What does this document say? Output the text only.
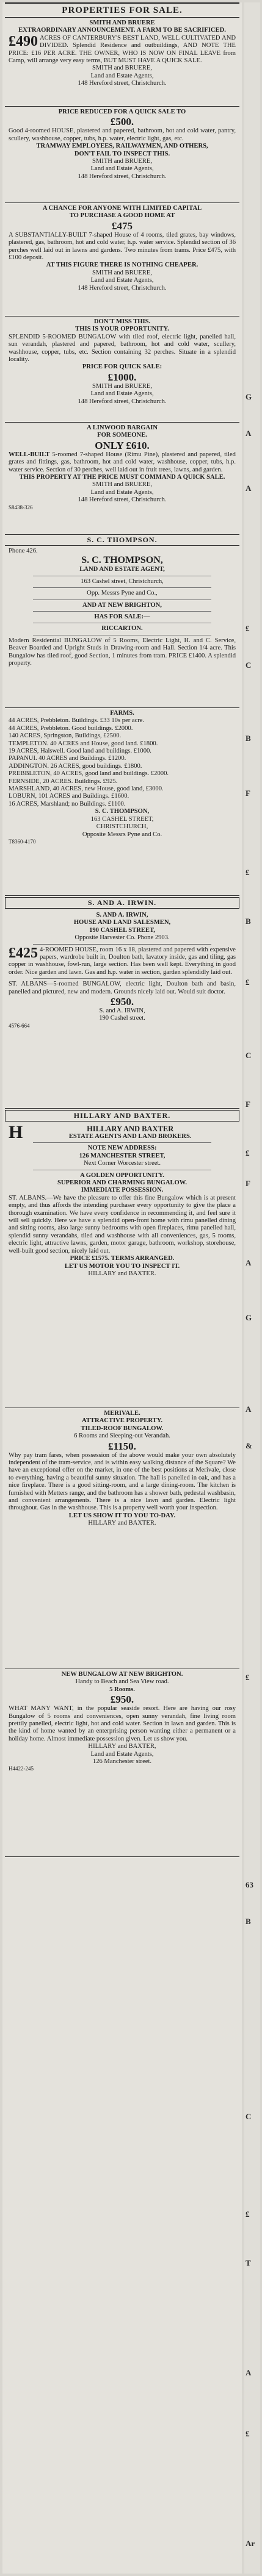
PROPERTIES FOR SALE.

SMITH AND BRUERE

EXTRAORDINARY ANNOUNCEMENT. A FARM TO BE SACRIFICED.

£490 ACRES OF CANTERBURY'S BEST LAND, WELL CULTIVATED AND DIVIDED. Splendid Residence and outbuildings, AND NOTE THE PRICE: £16 PER ACRE. THE OWNER, WHO IS NOW ON FINAL LEAVE from Camp, will arrange very easy terms, BUT MUST HAVE A QUICK SALE.

SMITH and BRUERE,

Land and Estate Agents,

148 Hereford street, Christchurch.

PRICE REDUCED FOR A QUICK SALE TO

£500.

Good 4-roomed HOUSE, plastered and papered, bathroom, hot and cold water, pantry, scullery, washhouse, copper, tubs, h.p. water, electric light, gas, etc.

TRAMWAY EMPLOYEES, RAILWAYMEN, AND OTHERS,

DON'T FAIL TO INSPECT THIS.

SMITH and BRUERE,

Land and Estate Agents,

148 Hereford street, Christchurch.

A CHANCE FOR ANYONE WITH LIMITED CAPITAL

TO PURCHASE A GOOD HOME AT

£475

A SUBSTANTIALLY-BUILT 7-shaped House of 4 rooms, tiled grates, bay windows, plastered, gas, bathroom, hot and cold water, h.p. water service. Splendid section of 36 perches well laid out in lawns and gardens. Two minutes from trams. Price £475, with £100 deposit.

AT THIS FIGURE THERE IS NOTHING CHEAPER.

SMITH and BRUERE,

Land and Estate Agents,

148 Hereford street, Christchurch.

DON'T MISS THIS.

THIS IS YOUR OPPORTUNITY.

SPLENDID 5-ROOMED BUNGALOW with tiled roof, electric light, panelled hall, sun verandah, plastered and papered, bathroom, hot and cold water, scullery, washhouse, copper, tubs, etc. Section containing 32 perches. Situate in a splendid locality.

PRICE FOR QUICK SALE:

£1000.

SMITH and BRUERE,

Land and Estate Agents,

148 Hereford street, Christchurch.

A LINWOOD BARGAIN

FOR SOMEONE.

ONLY £610.

WELL-BUILT 5-roomed 7-shaped House (Rimu Pine), plastered and papered, tiled grates and fittings, gas, bathroom, hot and cold water, washhouse, copper, tubs, h.p. water service. Section of 30 perches, well laid out in fruit trees, lawns, and garden.

THIS PROPERTY AT THE PRICE MUST COMMAND A QUICK SALE.

SMITH and BRUERE,

Land and Estate Agents,

148 Hereford street, Christchurch.

S8438-326

S. C. THOMPSON.

Phone 426.

S. C. THOMPSON,

LAND AND ESTATE AGENT,

163 Cashel street, Christchurch,

Opp. Messrs Pyne and Co.,

AND AT NEW BRIGHTON,

HAS FOR SALE:—

RICCARTON.

Modern Residential BUNGALOW of 5 Rooms, Electric Light, H. and C. Service, Beaver Boarded and Upright Studs in Drawing-room and Hall. Section 1/4 acre. This Bungalow has tiled roof, good Section, 1 minutes from tram. PRICE £1400. A splendid property.

FARMS.

44 ACRES, Prebbleton. Buildings. £33 10s per acre.

44 ACRES, Prebbleton. Good buildings. £2000.

140 ACRES, Springston, Buildings, £2500.

TEMPLETON. 40 ACRES and House, good land. £1800.

19 ACRES, Halswell. Good land and buildings. £1000.

PAPANUI. 40 ACRES and Buildings. £1200.

ADDINGTON. 26 ACRES, good buildings. £1800.

PREBBLETON, 40 ACRES, good land and buildings. £2000.

FERNSIDE, 20 ACRES. Buildings. £925.

MARSHLAND, 40 ACRES, new House, good land, £3000.

LOBURN, 101 ACRES and Buildings. £1600.

16 ACRES, Marshland; no Buildings. £1100.

S. C. THOMPSON,

163 CASHEL STREET,

CHRISTCHURCH,

Opposite Messrs Pyne and Co.

T8360-4170

S. AND A. IRWIN.

S. AND A. IRWIN,

HOUSE AND LAND SALESMEN,

190 CASHEL STREET,

Opposite Harvester Co. Phone 2903.

£425 4-ROOMED HOUSE, room 16 x 18, plastered and papered with expensive papers, wardrobe built in, Doulton bath, lavatory inside, gas and tiling, gas copper in washhouse, fowl-run, large section. Has been well kept. Everything in good order. Nice garden and lawn. Gas and h.p. water in section, garden splendidly laid out.

ST. ALBANS—5-roomed BUNGALOW, electric light, Doulton bath and basin, panelled and pictured, new and modern. Grounds nicely laid out. Would suit doctor.

£950.

S. and A. IRWIN,

190 Cashel street.

4576-664

HILLARY AND BAXTER.

H	HILLARY AND BAXTER

ESTATE AGENTS AND LAND BROKERS.

NOTE NEW ADDRESS:

126 MANCHESTER STREET,

Next Corner Worcester street.

A GOLDEN OPPORTUNITY.

SUPERIOR AND CHARMING BUNGALOW.

IMMEDIATE POSSESSION.

ST. ALBANS.—We have the pleasure to offer this fine Bungalow which is at present empty, and thus affords the intending purchaser every opportunity to give the place a thorough examination. We have every confidence in recommending it, and feel sure it will sell quickly. Here we have a splendid open-front home with rimu panelled dining and sitting rooms, also large sunny bedrooms with open fireplaces, rimu panelled hall, splendid sunny verandahs, tiled and washhouse with all conveniences, gas, 5 rooms, electric light, attractive lawns, garden, motor garage, bathroom, workshop, storehouse, well-built good section, nicely laid out.

PRICE £1575. TERMS ARRANGED.

LET US MOTOR YOU TO INSPECT IT.

HILLARY and BAXTER.

MERIVALE.

ATTRACTIVE PROPERTY.

TILED-ROOF BUNGALOW.

6 Rooms and Sleeping-out Verandah.

£1150.

Why pay tram fares, when possession of the above would make your own absolutely independent of the tram-service, and is within easy walking distance of the Square? We have an exceptional offer on the market, in one of the best positions at Merivale, close to everything, having a beautiful sunny situation. The hall is panelled in oak, and has a nice fireplace. There is a good sitting-room, and a large dining-room. The kitchen is furnished with Metters range, and the bathroom has a shower bath, pedestal washbasin, and convenient arrangements. There is a nice lawn and garden. Electric light throughout. Gas in the washhouse. This is a property well worth your inspection.

LET US SHOW IT TO YOU TO-DAY.

HILLARY and BAXTER.

NEW BUNGALOW AT NEW BRIGHTON.

Handy to Beach and Sea View road.

5 Rooms.

£950.

WHAT MANY WANT, in the popular seaside resort. Here are having our rosy Bungalow of 5 rooms and conveniences, open sunny verandah, fine living room prettily panelled, electric light, hot and cold water. Section in lawn and garden. This is the kind of home wanted by an enterprising person wanting either a permanent or a holiday home. Almost immediate possession given. Let us show you.

HILLARY and BAXTER,

Land and Estate Agents,

126 Manchester street.

H4422-245

G
A
A
£
C
B
F
£
B
£
C
F
£
F
A
G
A
&
£
63
B
C
£
T
A
£
Ar
